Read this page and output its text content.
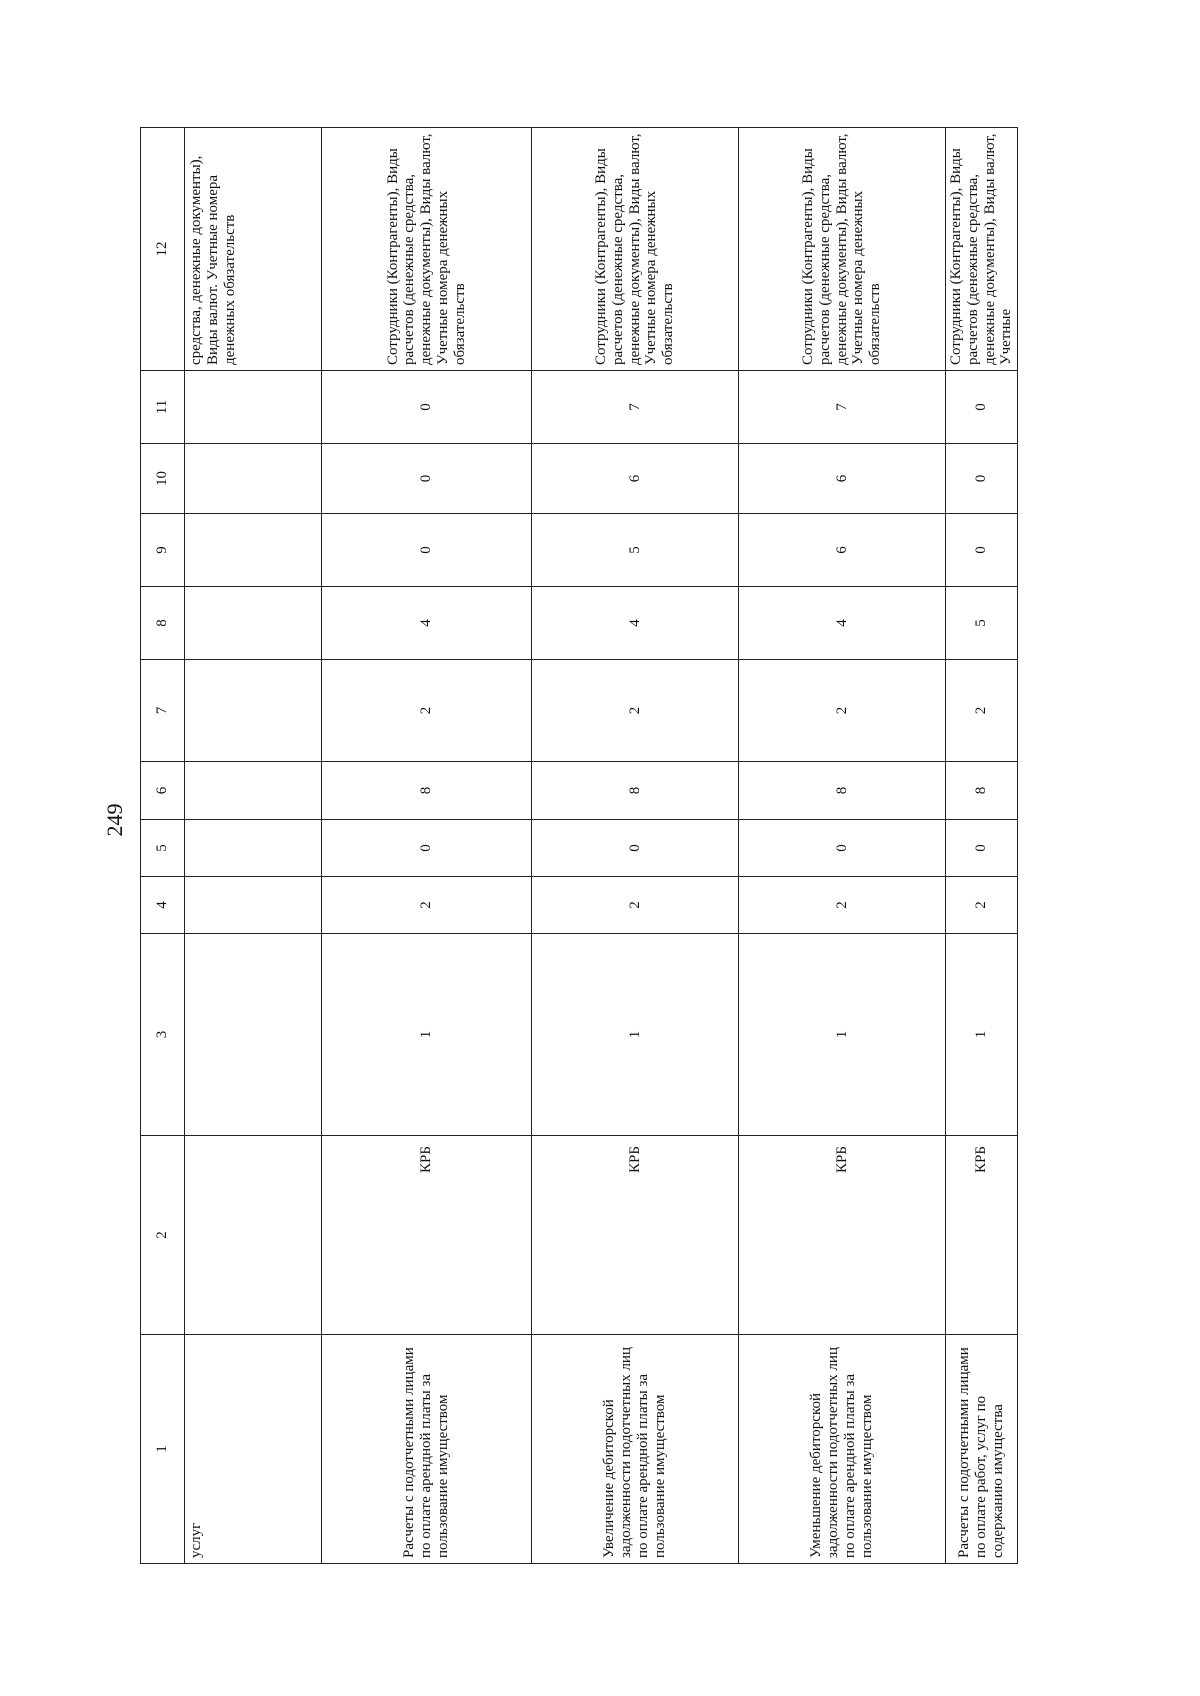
249
1	2	3	4	5	6	7	8	9	10	11	12
услуг											средства, денежные документы), Виды валют. Учетные номера денежных обязательств
Расчеты с подотчетными лицами по оплате арендной платы за пользование имуществом	КРБ	1	2	0	8	2	4	0	0	0	Сотрудники (Контрагенты), Виды расчетов (денежные средства, денежные документы), Виды валют, Учетные номера денежных обязательств
Увеличение дебиторской задолженности подотчетных лиц по оплате арендной платы за пользование имуществом	КРБ	1	2	0	8	2	4	5	6	7	Сотрудники (Контрагенты), Виды расчетов (денежные средства, денежные документы), Виды валют, Учетные номера денежных обязательств
Уменьшение дебиторской задолженности подотчетных лиц по оплате арендной платы за пользование имуществом	КРБ	1	2	0	8	2	4	6	6	7	Сотрудники (Контрагенты), Виды расчетов (денежные средства, денежные документы), Виды валют, Учетные номера денежных обязательств
Расчеты с подотчетными лицами по оплате работ, услуг по содержанию имущества	КРБ	1	2	0	8	2	5	0	0	0	Сотрудники (Контрагенты), Виды расчетов (денежные средства, денежные документы), Виды валют, Учетные
